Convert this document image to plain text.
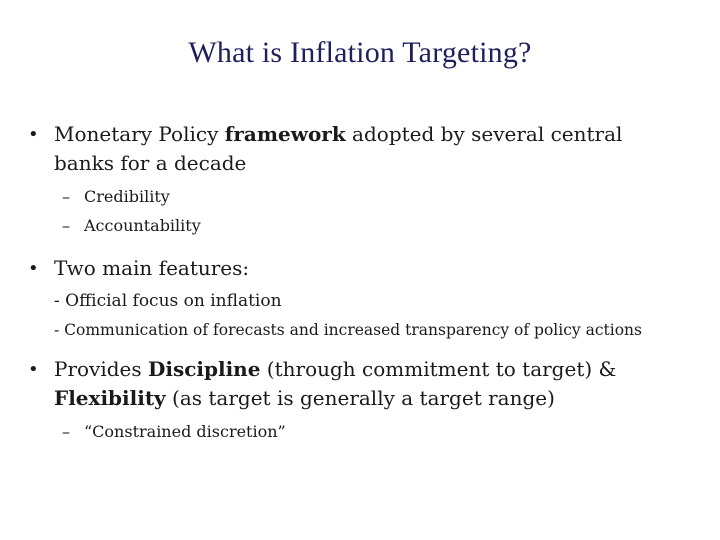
What is Inflation Targeting?
• Monetary Policy framework adopted by several central banks for a decade
– Credibility
– Accountability
• Two main features:
- Official focus on inflation
- Communication of forecasts and increased transparency of policy actions
• Provides Discipline (through commitment to target) & Flexibility (as target is generally a target range)
– “Constrained discretion”
